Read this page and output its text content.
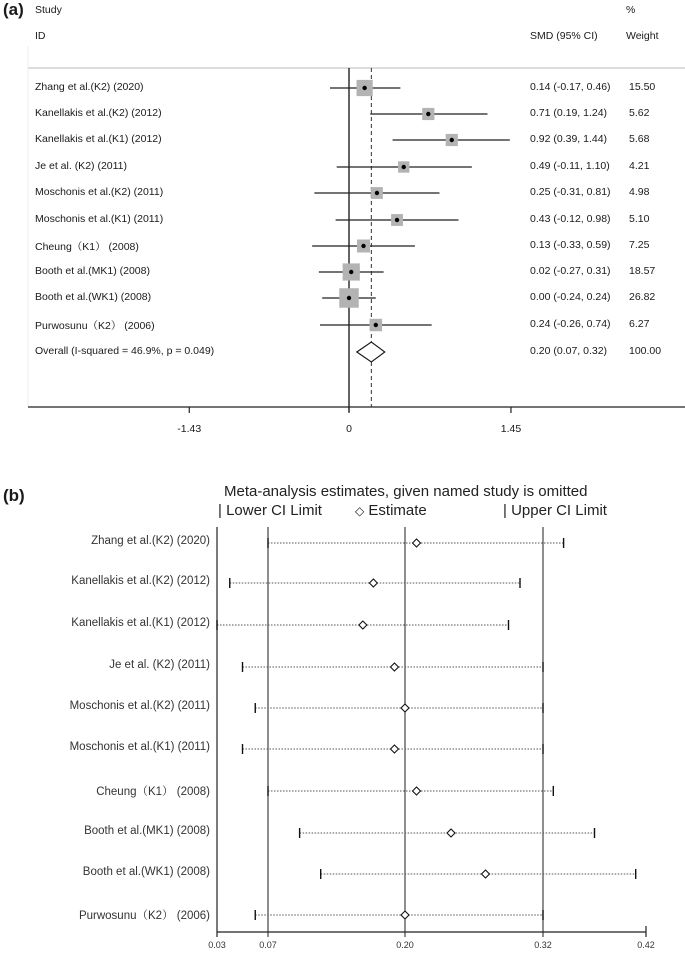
(a) Study
ID	SMD (95% CI)
%
Weight
Zhang et al.(K2) (2020)	0.14 (-0.17, 0.46) 15.50
Kanellakis et al.(K2) (2012)	0.71 (0.19, 1.24) 5.62
Kanellakis et al.(K1) (2012)	0.92 (0.39, 1.44) 5.68
Je et al. (K2) (2011)	0.49 (-0.11, 1.10) 4.21
Moschonis et al.(K2) (2011)	0.25 (-0.31, 0.81) 4.98
Moschonis et al.(K1) (2011)	0.43 (-0.12, 0.98) 5.10
Cheung（K1） (2008)	0.13 (-0.33, 0.59) 7.25
Booth et al.(MK1) (2008)	0.02 (-0.27, 0.31) 18.57
Booth et al.(WK1) (2008)	0.00 (-0.24, 0.24) 26.82
Purwosunu（K2） (2006)	0.24 (-0.26, 0.74) 6.27
Overall (I-squared = 46.9%, p = 0.049)	0.20 (0.07, 0.32) 100.00
-1.43	0	1.45
(b)	Meta-analysis estimates, given named study is omitted
| Lower CI Limit	◇ Estimate	| Upper CI Limit
Zhang et al.(K2) (2020)
Kanellakis et al.(K2) (2012)
Kanellakis et al.(K1) (2012)
Je et al. (K2) (2011)
Moschonis et al.(K2) (2011)
Moschonis et al.(K1) (2011)
Cheung（K1） (2008)
Booth et al.(MK1) (2008)
Booth et al.(WK1) (2008)
Purwosunu（K2） (2006)
0.03	0.07	0.20	0.32	0.42
